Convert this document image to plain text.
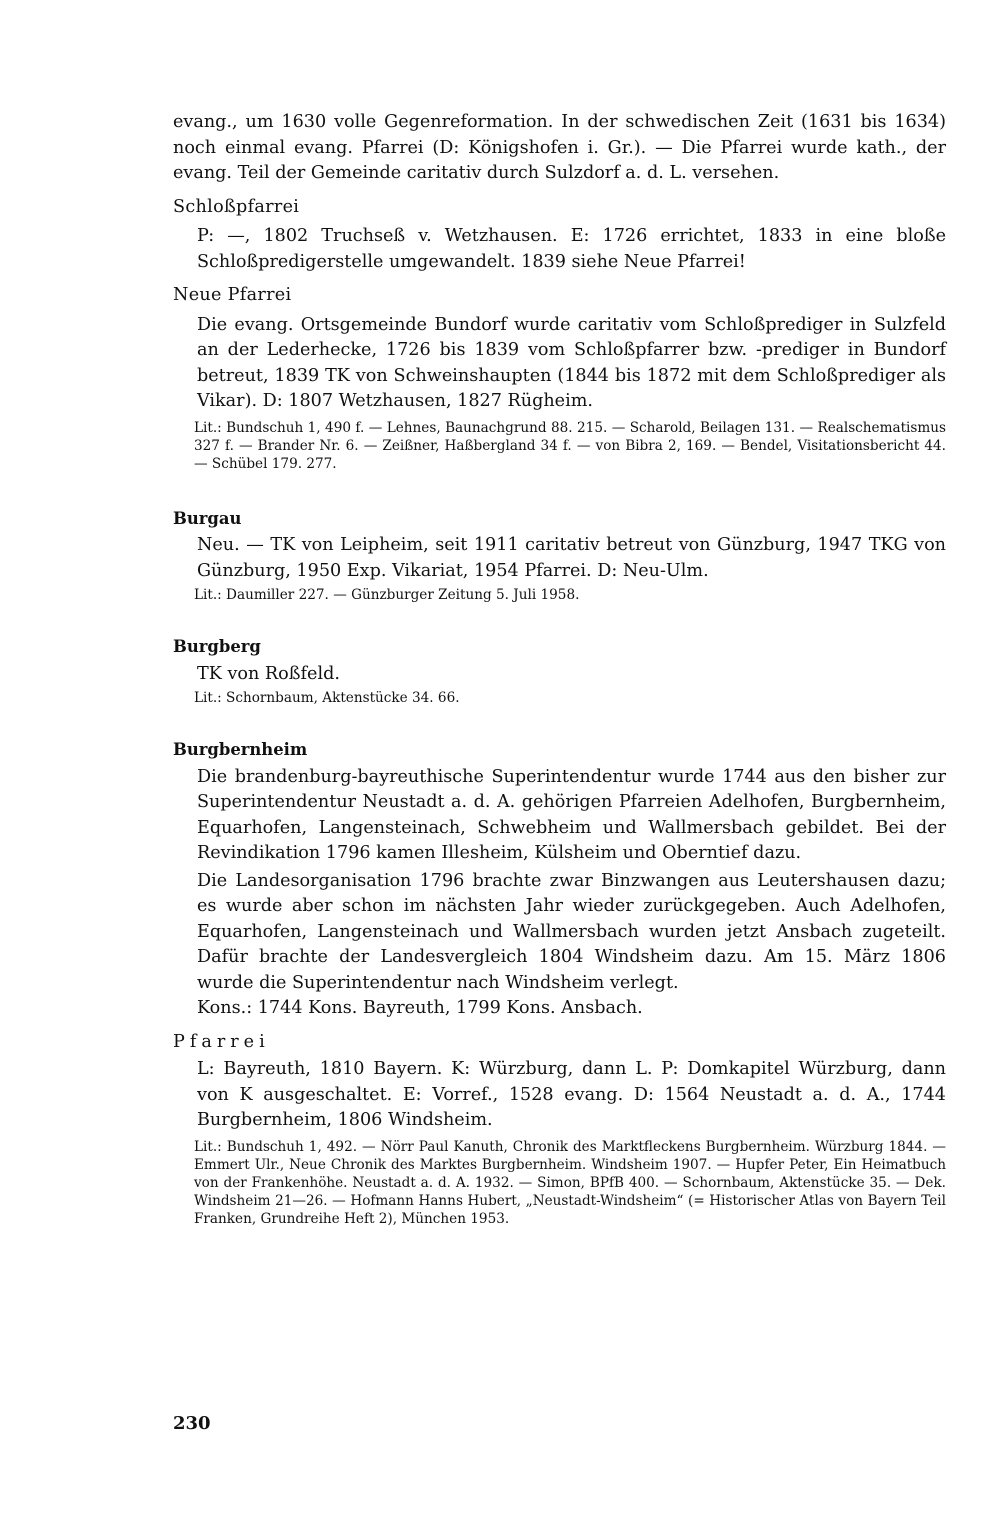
evang., um 1630 volle Gegenreformation. In der schwedischen Zeit (1631 bis 1634) noch einmal evang. Pfarrei (D: Königshofen i. Gr.). — Die Pfarrei wurde kath., der evang. Teil der Gemeinde caritativ durch Sulzdorf a. d. L. versehen.

Schloßpfarrei

P: —, 1802 Truchseß v. Wetzhausen. E: 1726 errichtet, 1833 in eine bloße Schloßpredigerstelle umgewandelt. 1839 siehe Neue Pfarrei!

Neue Pfarrei

Die evang. Ortsgemeinde Bundorf wurde caritativ vom Schloßprediger in Sulzfeld an der Lederhecke, 1726 bis 1839 vom Schloßpfarrer bzw. -prediger in Bundorf betreut, 1839 TK von Schweinshaupten (1844 bis 1872 mit dem Schloßprediger als Vikar). D: 1807 Wetzhausen, 1827 Rügheim.

Lit.: Bundschuh 1, 490 f. — Lehnes, Baunachgrund 88. 215. — Scharold, Beilagen 131. — Realschematismus 327 f. — Brander Nr. 6. — Zeißner, Haßbergland 34 f. — von Bibra 2, 169. — Bendel, Visitationsbericht 44. — Schübel 179. 277.

Burgau

Neu. — TK von Leipheim, seit 1911 caritativ betreut von Günzburg, 1947 TKG von Günzburg, 1950 Exp. Vikariat, 1954 Pfarrei. D: Neu-Ulm.

Lit.: Daumiller 227. — Günzburger Zeitung 5. Juli 1958.

Burgberg

TK von Roßfeld.

Lit.: Schornbaum, Aktenstücke 34. 66.

Burgbernheim

Die brandenburg-bayreuthische Superintendentur wurde 1744 aus den bisher zur Superintendentur Neustadt a. d. A. gehörigen Pfarreien Adelhofen, Burgbernheim, Equarhofen, Langensteinach, Schwebheim und Wallmersbach gebildet. Bei der Revindikation 1796 kamen Illesheim, Külsheim und Oberntief dazu.

Die Landesorganisation 1796 brachte zwar Binzwangen aus Leutershausen dazu; es wurde aber schon im nächsten Jahr wieder zurückgegeben. Auch Adelhofen, Equarhofen, Langensteinach und Wallmersbach wurden jetzt Ansbach zugeteilt. Dafür brachte der Landesvergleich 1804 Windsheim dazu. Am 15. März 1806 wurde die Superintendentur nach Windsheim verlegt.

Kons.: 1744 Kons. Bayreuth, 1799 Kons. Ansbach.

Pfarrei

L: Bayreuth, 1810 Bayern. K: Würzburg, dann L. P: Domkapitel Würzburg, dann von K ausgeschaltet. E: Vorref., 1528 evang. D: 1564 Neustadt a. d. A., 1744 Burgbernheim, 1806 Windsheim.

Lit.: Bundschuh 1, 492. — Nörr Paul Kanuth, Chronik des Marktfleckens Burgbernheim. Würzburg 1844. — Emmert Ulr., Neue Chronik des Marktes Burgbernheim. Windsheim 1907. — Hupfer Peter, Ein Heimatbuch von der Frankenhöhe. Neustadt a. d. A. 1932. — Simon, BPfB 400. — Schornbaum, Aktenstücke 35. — Dek. Windsheim 21—26. — Hofmann Hanns Hubert, „Neustadt-Windsheim“ (= Historischer Atlas von Bayern Teil Franken, Grundreihe Heft 2), München 1953.

230
